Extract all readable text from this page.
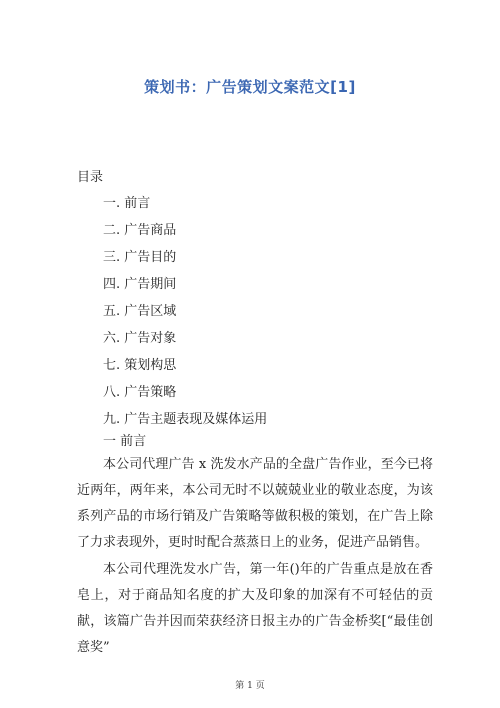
策划书：广告策划文案范文[1]
目录
一. 前言
二. 广告商品
三. 广告目的
四. 广告期间
五. 广告区域
六. 广告对象
七. 策划构思
八. 广告策略
九. 广告主题表现及媒体运用
一 前言

本公司代理广告 x 洗发水产品的全盘广告作业，至今已将近两年，两年来，本公司无时不以兢兢业业的敬业态度，为该系列产品的市场行销及广告策略等做积极的策划，在广告上除了力求表现外，更时时配合蒸蒸日上的业务，促进产品销售。

本公司代理洗发水广告，第一年()年的广告重点是放在香皂上，对于商品知名度的扩大及印象的加深有不可轻估的贡献，该篇广告并因而荣获经济日报主办的广告金桥奖[“最佳创意奖”

第 1 页
